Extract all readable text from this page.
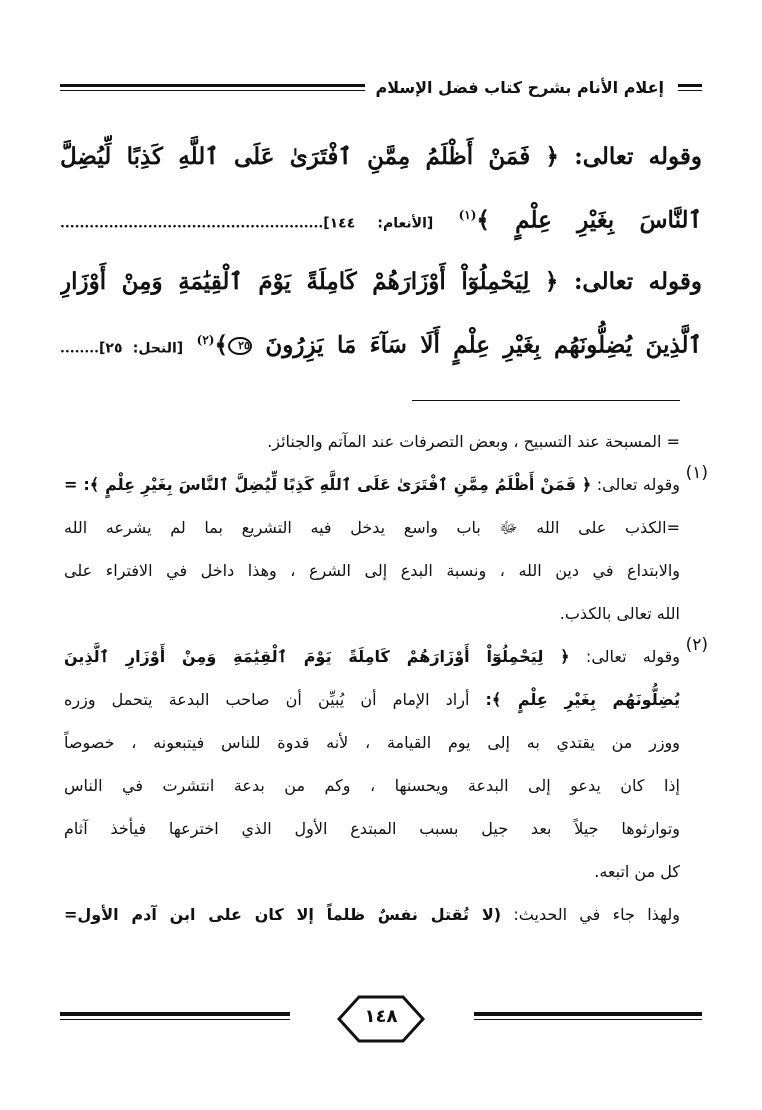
إعلام الأنام بشرح كتاب فضل الإسلام
وقوله تعالى: ﴿ فَمَنْ أَظْلَمُ مِمَّنِ ٱفْتَرَىٰ عَلَى ٱللَّهِ كَذِبًا لِّيُضِلَّ
ٱلنَّاسَ بِغَيْرِ عِلْمٍ ﴾$^{(١)}$ [الأنعام: ١٤٤]......................................................
وقوله تعالى: ﴿ لِيَحْمِلُوٓاْ أَوْزَارَهُمْ كَامِلَةً يَوْمَ ٱلْقِيَٰمَةِ وَمِنْ أَوْزَارِ
ٱلَّذِينَ يُضِلُّونَهُم بِغَيْرِ عِلْمٍ أَلَا سَآءَ مَا يَزِرُونَ ٢٥﴾$^{(٢)}$ [النحل: ٢٥]........
= المسبحة عند التسبيح ، وبعض التصرفات عند المآتم والجنائز.
(١)
وقوله تعالى: ﴿ فَمَنْ أَظْلَمُ مِمَّنِ ٱفْتَرَىٰ عَلَى ٱللَّهِ كَذِبًا لِّيُضِلَّ ٱلنَّاسَ بِغَيْرِ عِلْمٍ ﴾: =
=الكذب على الله ﷻ باب واسع يدخل فيه التشريع بما لم يشرعه الله
والابتداع في دين الله ، ونسبة البدع إلى الشرع ، وهذا داخل في الافتراء على
الله تعالى بالكذب.
(٢)
وقوله تعالى: ﴿ لِيَحْمِلُوٓاْ أَوْزَارَهُمْ كَامِلَةً يَوْمَ ٱلْقِيَٰمَةِ وَمِنْ أَوْزَارِ ٱلَّذِينَ
يُضِلُّونَهُم بِغَيْرِ عِلْمٍ ﴾: أراد الإمام أن يُبيِّن أن صاحب البدعة يتحمل وزره
ووزر من يقتدي به إلى يوم القيامة ، لأنه قدوة للناس فيتبعونه ، خصوصاً
إذا كان يدعو إلى البدعة ويحسنها ، وكم من بدعة انتشرت في الناس
وتوارثوها جيلاً بعد جيل بسبب المبتدع الأول الذي اخترعها فيأخذ آثام
كل من اتبعه.
ولهذا جاء في الحديث: (لا تُقتل نفسٌ ظلماً إلا كان على ابن آدم الأول=
١٤٨
